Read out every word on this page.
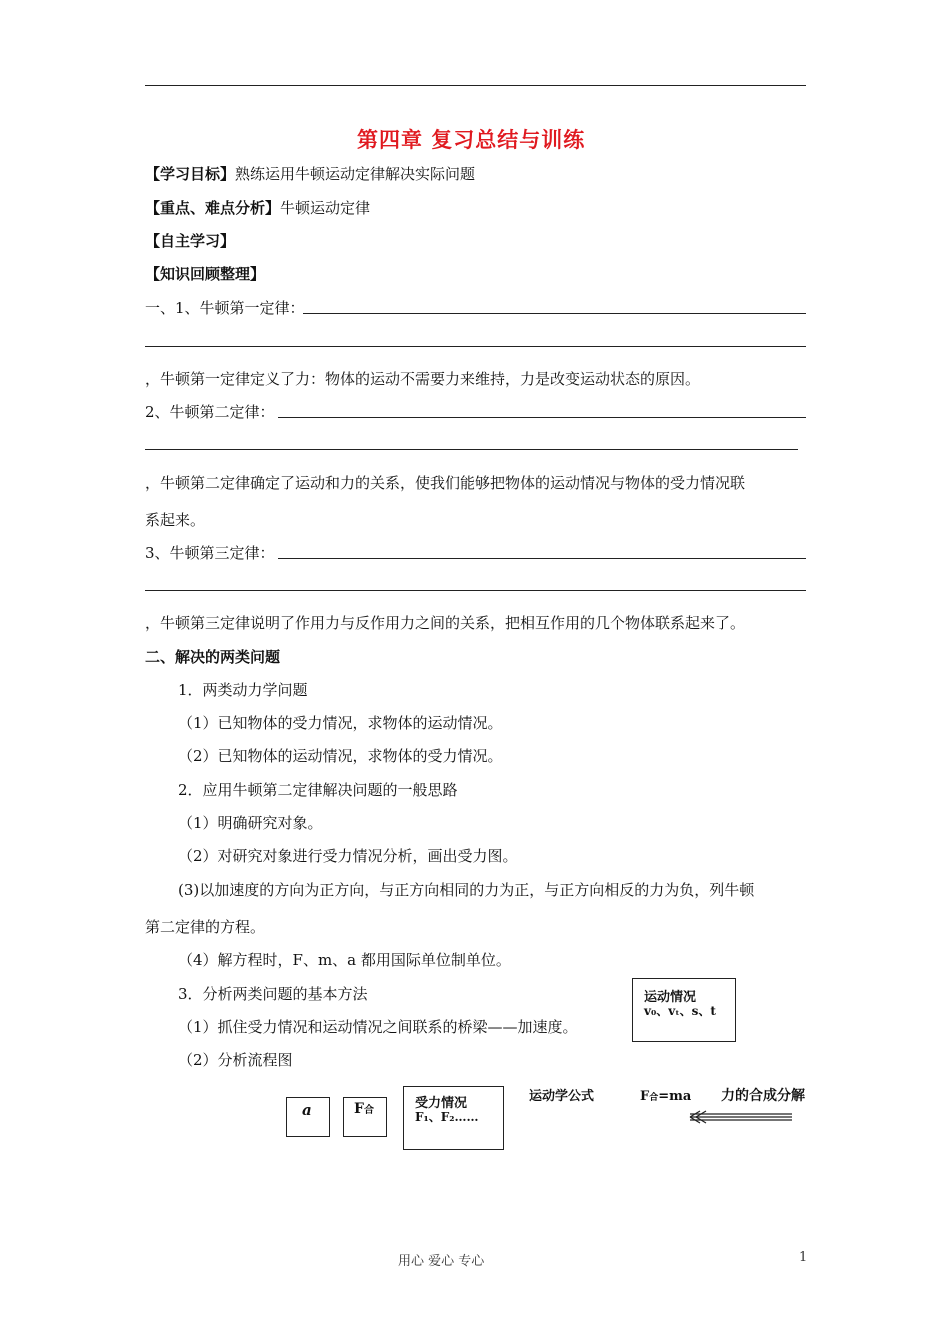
第四章 复习总结与训练
【学习目标】熟练运用牛顿运动定律解决实际问题
【重点、难点分析】牛顿运动定律
【自主学习】
【知识回顾整理】
一、1、牛顿第一定律：
，牛顿第一定律定义了力：物体的运动不需要力来维持，力是改变运动状态的原因。
2、牛顿第二定律：
，牛顿第二定律确定了运动和力的关系，使我们能够把物体的运动情况与物体的受力情况联
系起来。
3、牛顿第三定律：
，牛顿第三定律说明了作用力与反作用力之间的关系，把相互作用的几个物体联系起来了。
二、解决的两类问题
1．两类动力学问题
（1）已知物体的受力情况，求物体的运动情况。
（2）已知物体的运动情况，求物体的受力情况。
2．应用牛顿第二定律解决问题的一般思路
（1）明确研究对象。
（2）对研究对象进行受力情况分析，画出受力图。
(3)以加速度的方向为正方向，与正方向相同的力为正，与正方向相反的力为负，列牛顿
第二定律的方程。
（4）解方程时，F、m、a 都用国际单位制单位。
3．分析两类问题的基本方法
（1）抓住受力情况和运动情况之间联系的桥梁——加速度。
（2）分析流程图
运动情况
v₀、vₜ、s、t
a	F合	受力情况
F₁、F₂……
运动学公式	F合=ma 力的合成分解
用心 爱心 专心	1
